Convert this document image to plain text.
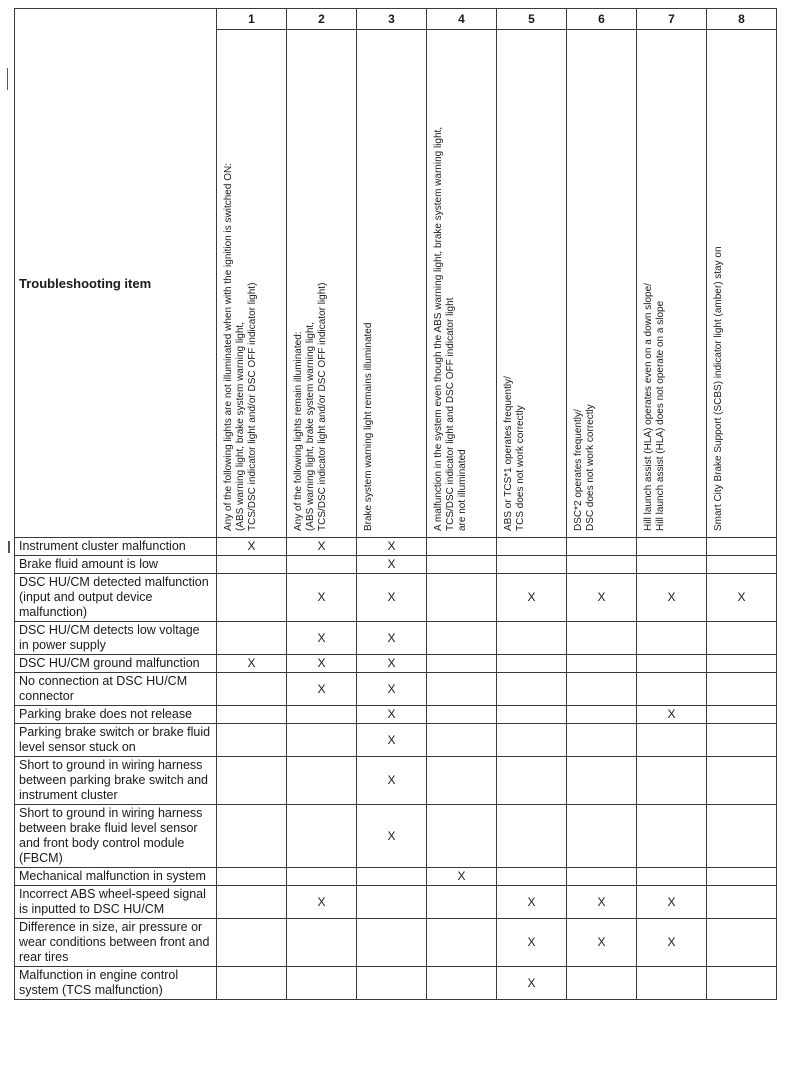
	1	2	3	4	5	6	7	8
Troubleshooting item	Any of the following lights are not illuminated when with the ignition is switched ON:
(ABS warning light, brake system warning light,
TCS/DSC indicator light and/or DSC OFF indicator light)	Any of the following lights remain illuminated:
(ABS warning light, brake system warning light,
TCS/DSC indicator light and/or DSC OFF indicator light)	Brake system warning light remains illuminated	A malfunction in the system even though the ABS warning light, brake system warning light,
TCS/DSC indicator light and DSC OFF indicator light
are not illuminated	ABS or TCS*1 operates frequently/
TCS does not work correctly	DSC*2 operates frequently/
DSC does not work correctly	Hill launch assist (HLA) operates even on a down slope/
Hill launch assist (HLA) does not operate on a slope	Smart City Brake Support (SCBS) indicator light (amber) stay on

Instrument cluster malfunction	X	X	X					
Brake fluid amount is low			X					
DSC HU/CM detected malfunction (input and output device malfunction)		X	X		X	X	X	X
DSC HU/CM detects low voltage in power supply		X	X					
DSC HU/CM ground malfunction	X	X	X					
No connection at DSC HU/CM connector		X	X					
Parking brake does not release			X				X	
Parking brake switch or brake fluid level sensor stuck on			X					
Short to ground in wiring harness between parking brake switch and instrument cluster			X					
Short to ground in wiring harness between brake fluid level sensor and front body control module (FBCM)			X					
Mechanical malfunction in system				X				
Incorrect ABS wheel-speed signal is inputted to DSC HU/CM		X			X	X	X	
Difference in size, air pressure or wear conditions between front and rear tires					X	X	X	
Malfunction in engine control system (TCS malfunction)					X			
